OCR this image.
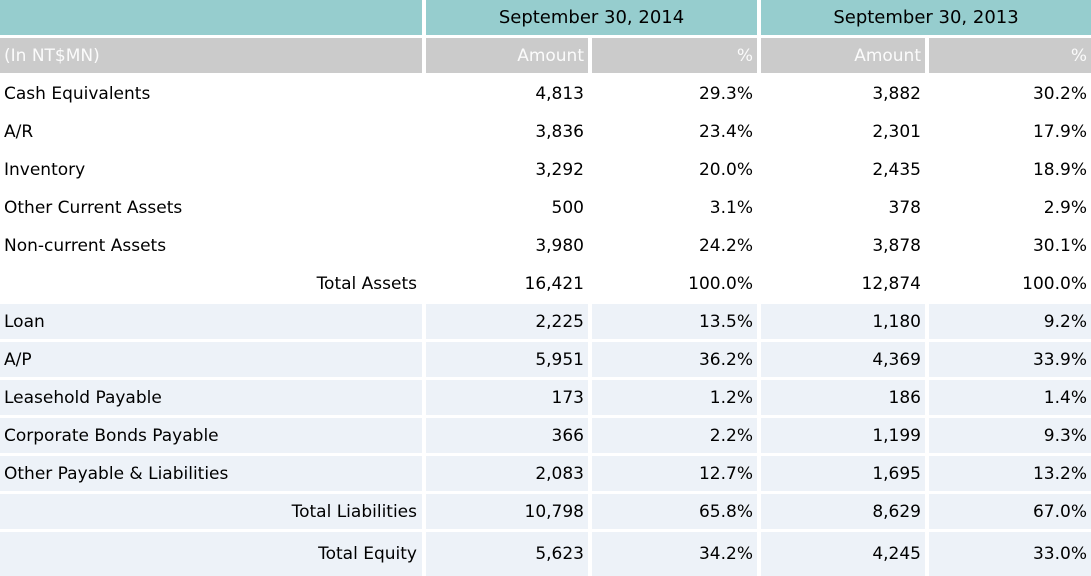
	September 30, 2014		September 30, 2013	
(In NT$MN)	Amount	%	Amount	%
Cash Equivalents	4,813	29.3%	3,882	30.2%
A/R	3,836	23.4%	2,301	17.9%
Inventory	3,292	20.0%	2,435	18.9%
Other Current Assets	500	3.1%	378	2.9%
Non-current Assets	3,980	24.2%	3,878	30.1%
Total Assets	16,421	100.0%	12,874	100.0%
Loan	2,225	13.5%	1,180	9.2%
A/P	5,951	36.2%	4,369	33.9%
Leasehold Payable	173	1.2%	186	1.4%
Corporate Bonds Payable	366	2.2%	1,199	9.3%
Other Payable & Liabilities	2,083	12.7%	1,695	13.2%
Total Liabilities	10,798	65.8%	8,629	67.0%
Total Equity	5,623	34.2%	4,245	33.0%
